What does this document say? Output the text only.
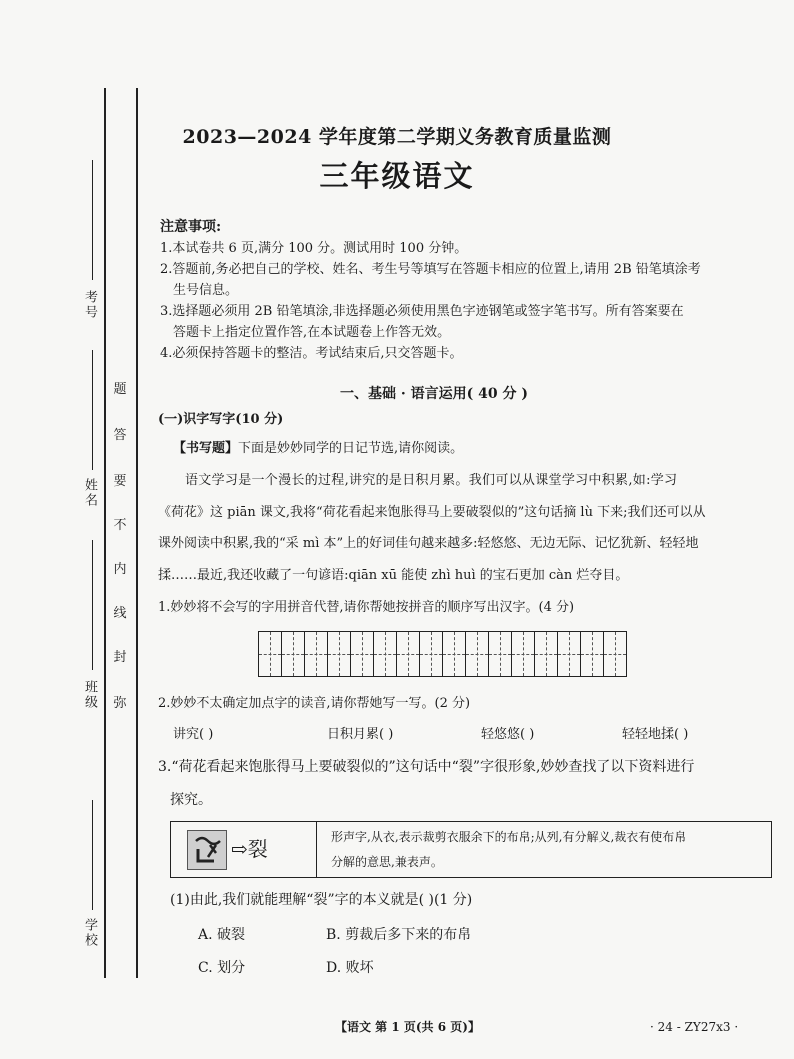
考号
姓名
班级
学校
题
答
要
不
内
线
封
弥
2023—2024 学年度第二学期义务教育质量监测
三年级语文
注意事项:
1.本试卷共 6 页,满分 100 分。测试用时 100 分钟。
2.答题前,务必把自己的学校、姓名、考生号等填写在答题卡相应的位置上,请用 2B 铅笔填涂考
生号信息。
3.选择题必须用 2B 铅笔填涂,非选择题必须使用黑色字迹钢笔或签字笔书写。所有答案要在
答题卡上指定位置作答,在本试题卷上作答无效。
4.必须保持答题卡的整洁。考试结束后,只交答题卡。
一、基础 · 语言运用( 40 分 )
(一)识字写字(10 分)
【书写题】下面是妙妙同学的日记节选,请你阅读。
语文学习是一个漫长的过程,讲究的是日积月累。我们可以从课堂学习中积累,如:学习
《荷花》这 piān 课文,我将“荷花看起来饱胀得马上要破裂似的”这句话摘 lù 下来;我们还可以从
课外阅读中积累,我的“采 mì 本”上的好词佳句越来越多:轻悠悠、无边无际、记忆犹新、轻轻地
揉……最近,我还收藏了一句谚语:qiān xū 能使 zhì huì 的宝石更加 càn 烂夺目。
1.妙妙将不会写的字用拼音代替,请你帮她按拼音的顺序写出汉字。(4 分)
2.妙妙不太确定加点字的读音,请你帮她写一写。(2 分)
讲究( )	日积月累( )	轻悠悠( )	轻轻地揉( )
3.“荷花看起来饱胀得马上要破裂似的”这句话中“裂”字很形象,妙妙查找了以下资料进行
探究。
⇨裂	形声字,从衣,表示裁剪衣服余下的布帛;从列,有分解义,裁衣有使布帛
分解的意思,兼表声。
(1)由此,我们就能理解“裂”字的本义就是( )(1 分)
A. 破裂	B. 剪裁后多下来的布帛
C. 划分	D. 败坏
【语文 第 1 页(共 6 页)】	· 24 - ZY27x3 ·
